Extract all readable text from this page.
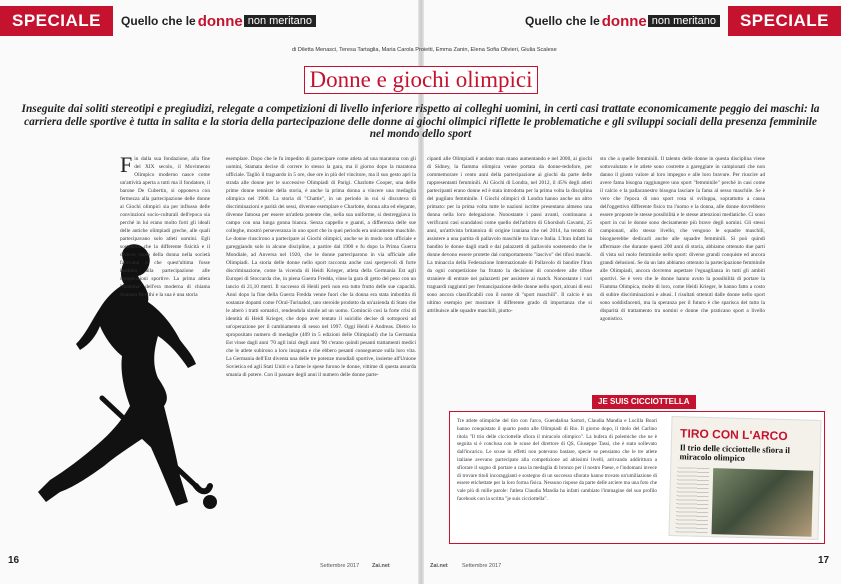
SPECIALE	Quello che le donne non meritano	Quello che le donne non meritano	SPECIALE
di Diletta Menasci, Teresa Tartaglia, Maria Carola Proietti, Emma Zanin, Elena Sofia Olivieri, Giulia Scalese
Donne e giochi olimpici
Inseguite dai soliti stereotipi e pregiudizi, relegate a competizioni di livello inferiore rispetto ai colleghi uomini, in certi casi trattate economicamente peggio dei maschi: la carriera delle sportive è tutta in salita e la storia della partecipazione delle donne ai giochi olimpici riflette le problematiche e gli sviluppi sociali della presenza femminile nel mondo dello sport
Fin dalla sua fondazione, alla fine del XIX secolo, il Movimento Olimpico moderno nasce come un'attività aperta a tutti ma il fondatore, il barone De Cubertin, si opponeva con fermezza alla partecipazione delle donne ai Giochi olimpici sia per influsso delle convinzioni socio-culturali dell'epoca sia perché in lui erano molto forti gli ideali delle antiche olimpiadi greche, alle quali partecipavano solo atleti uomini. Egli sosteneva che la differente fisicità e il diverso ruolo della donna nella società facevano sì che quest'ultima fosse inadatta alla partecipazione alle competizioni sportive. La prima atleta "mamma" dell'era moderna di chiama Stamata Revithi e la sua è una storia
esemplare. Dopo che le fu impedito di partecipare come atleta ad una maratona con gli uomini, Stamata decise di correre lo stesso la gara, ma il giorno dopo la maratona ufficiale. Tagliò il traguardo in 5 ore, due ore in più del vincitore, ma il suo gesto aprì la strada alle donne per le successive Olimpiadi di Parigi. Charlotte Cooper, una delle prime donne tenniste della storia, è anche la prima donna a vincere una medaglia olimpica nel 1900. La storia di "Chattie", in un periodo in cui si discuteva di discriminazioni e parità dei sessi, divenne esemplare e Charlotte, donna alta ed elegante, divenne famosa per essere un'atleta potente che, nella sua uniforme, si destreggiava in campo con una lunga gonna bianca. Senza cappello e guanti, a differenza delle sue colleghe, mostrò perseveranza in uno sport che in quei periodo era unicamente maschile. Le donne riuscirono a partecipare ai Giochi olimpici, anche se in modo non ufficiale e gareggiando solo in alcune discipline, a partire dal 1900 e fu dopo la Prima Guerra Mondiale, ad Anversa nel 1920, che le donne parteciparono in via ufficiale alle Olimpiadi. La storia delle donne nello sport racconta anche casi sperpevoli di forte discriminazione, come la vicenda di Heidi Krieger, atleta della Germania Est agli Europei di Stoccarda che, in piena Guerra Fredda, vinse la gara di getto del peso con un lancio di 21,10 metri. Il successo di Heidi però non era tutto frutto delle sue capacità. Anni dopo la fine della Guerra Fredda venne fuori che la donna era stata imbottita di sostanze dopanti come l'Oral-Turinabol, uno steroide prodotto da un'azienda di Stato che le alterò i tratti somatici, rendendola simile ad un uomo. Cominciò così la forte crisi di identità di Heidi Krieger, che dopo aver tentato il suicidio decise di sottoporsi ad un'operazione per il cambiamento di sesso nel 1997. Oggi Heidi è Andreas. Dietro lo spropositato numero di medaglie (409 in 5 edizioni delle Olimpiadi) che la Germania Est vinse dagli anni '70 agli inizi degli anni '90 c'erano quindi pesanti trattamenti medici che le atlete subirono a loro insaputa e che ebbero pesanti conseguenze sulla loro vita. La Germania dell'Est diventa una delle tre potenze mondiali sportive, insieme all'Unione Sovietica ed agli Stati Uniti e a fame le spese furono le donne, vittime di questa assurda smania di potere. Con il passare degli anni il numero delle donne parte-
cipanti alle Olimpiadi è andato man mano aumentando e nel 2000, ai giochi di Sidney, la fiamma olimpica venne portata da donne-tedofore, per commemorare i cento anni della partecipazione ai giochi da parte delle rappresentanti femminili. Ai Giochi di Londra, nel 2012, il 45% degli atleti partecipanti erano donne ed è stata introdotta per la prima volta la disciplina del pugilato femminile. I Giochi olimpici di Londra hanno anche un altro primato: per la prima volta tutte le nazioni iscritte presentano almeno una donna nella loro delegazione. Nonostante i passi avanti, continuano a verificarsi casi scandalosi come quello dell'arbitro di Ghorshoh Gavami, 25 anni, un'attivista britannica di origine iraniana che nel 2014, ha tentato di assistere a una partita di pallavolo maschile tra Iran e Italia. L'Iran infatti ha bandito le donne dagli stadi e dai palazzetti di pallavolo sostenendo che le donne devono essere protette dal comportamento "lascivo" dei tifosi maschi. La minaccia della Federazione Internazionale di Pallavolo di bandire l'Iran da ogni competizione ha frutato la decisione di concedere alle tifose straniere di entrare nei palazzetti per assistere ai match. Nonostante i vari traguardi raggiunti per l'emancipazione delle donne nello sport, alcuni di essi sono ancora classificabili con il nome di "sport maschili". Il calcio è un ultimo esempio per mostrare il differente grado di importanza che si attribuisce alle squadre maschili, piutto-
sto che a quelle femminili. Il talento delle donne in questa disciplina viene sottovalutato e le atlete sono costrette a gareggiare in campionati che non danno il giusto valore al loro impegno e alle loro bravure. Per riuscire ad avere fama bisogna raggiungere uno sport "femminile" perché in casi come il calcio e la pallacanestro bisogna lasciare la fama al sesso maschile. Se è vero che l'epoca di uno sport rosa si sviluppa, soprattutto a causa dell'oggettivo differente fisico tra l'uomo e la donna, alle donne dovrebbero essere proposte le stesse possibilità e le stesse attenzioni mediatiche. Ci sono sport in cui le donne sono decisamente più brave degli uomini. Gli stessi campionati, allo stesso livello, che vengono le squadre maschili, bisognerebbe dedicarli anche alle squadre femminili. Si può quindi affermare che durante questi 200 anni di storia, abbiamo ottenuto due parti di vista sul ruolo femminile nello sport: diverse grandi conquiste ed ancora grandi delusioni. Se da un lato abbiamo ottenuto la partecipazione femminile alle Olimpiadi, ancora dovremo aspettare l'eguaglianza in tutti gli ambiti sportivi. Se è vero che le donne hanno avuto la possibilità di portare la Fiamma Olimpica, molte di loro, come Heidi Krieger, le hanno fatto a costo di subire discriminazioni e abusi. I risultati ottenuti dalle donne nello sport sono soddisfacenti, ma la speranza per il futuro è che sparisca del tutto la disparità di trattamento tra uomini e donne che praticano sport a livello agonistico.
JE SUIS CICCIOTTELLA
Tre atlete olimpiche del tiro con l'arco, Guendalina Sartori, Claudia Mandia e Lucilla Boari hanno conquistato il quarto posto alle Olimpiadi di Rio. Il giorno dopo, il titolo del Carlino titola "Il trio delle cicciottelle sfiora il miracolo olimpico". La bufera di polemiche che ne è seguita si è conclusa con le scuse del direttore di QS, Giuseppe Tassi, che è stato sollevato dall'incarico. Le scuse in effetti non potevano bastare, specie se pensiamo che le tre atlete italiane avevano partecipato alla competizione ad altissimi livelli, arrivando addirittura a sfiorare il sogno di portare a casa la medaglia di bronzo per il nostro Paese, e l'indomani invece di trovare titoli incoraggianti e sostegno di un successo sfiorato hanno trovato un'umiliazione di essere etichettate per la loro forma fisica. Nessuno rispose da parte delle arciere ma una foto che vale più di mille parole: l'atleta Claudia Mandia ha infatti cambiato l'immagine del suo profilo facebook con la scritta "je suis cicciottella".
TIRO CON L'ARCO
Il trio delle cicciottelle sfiora il miracolo olimpico
16	Settembre 2017 Zai.net	Zai.net	Settembre 2017	17
